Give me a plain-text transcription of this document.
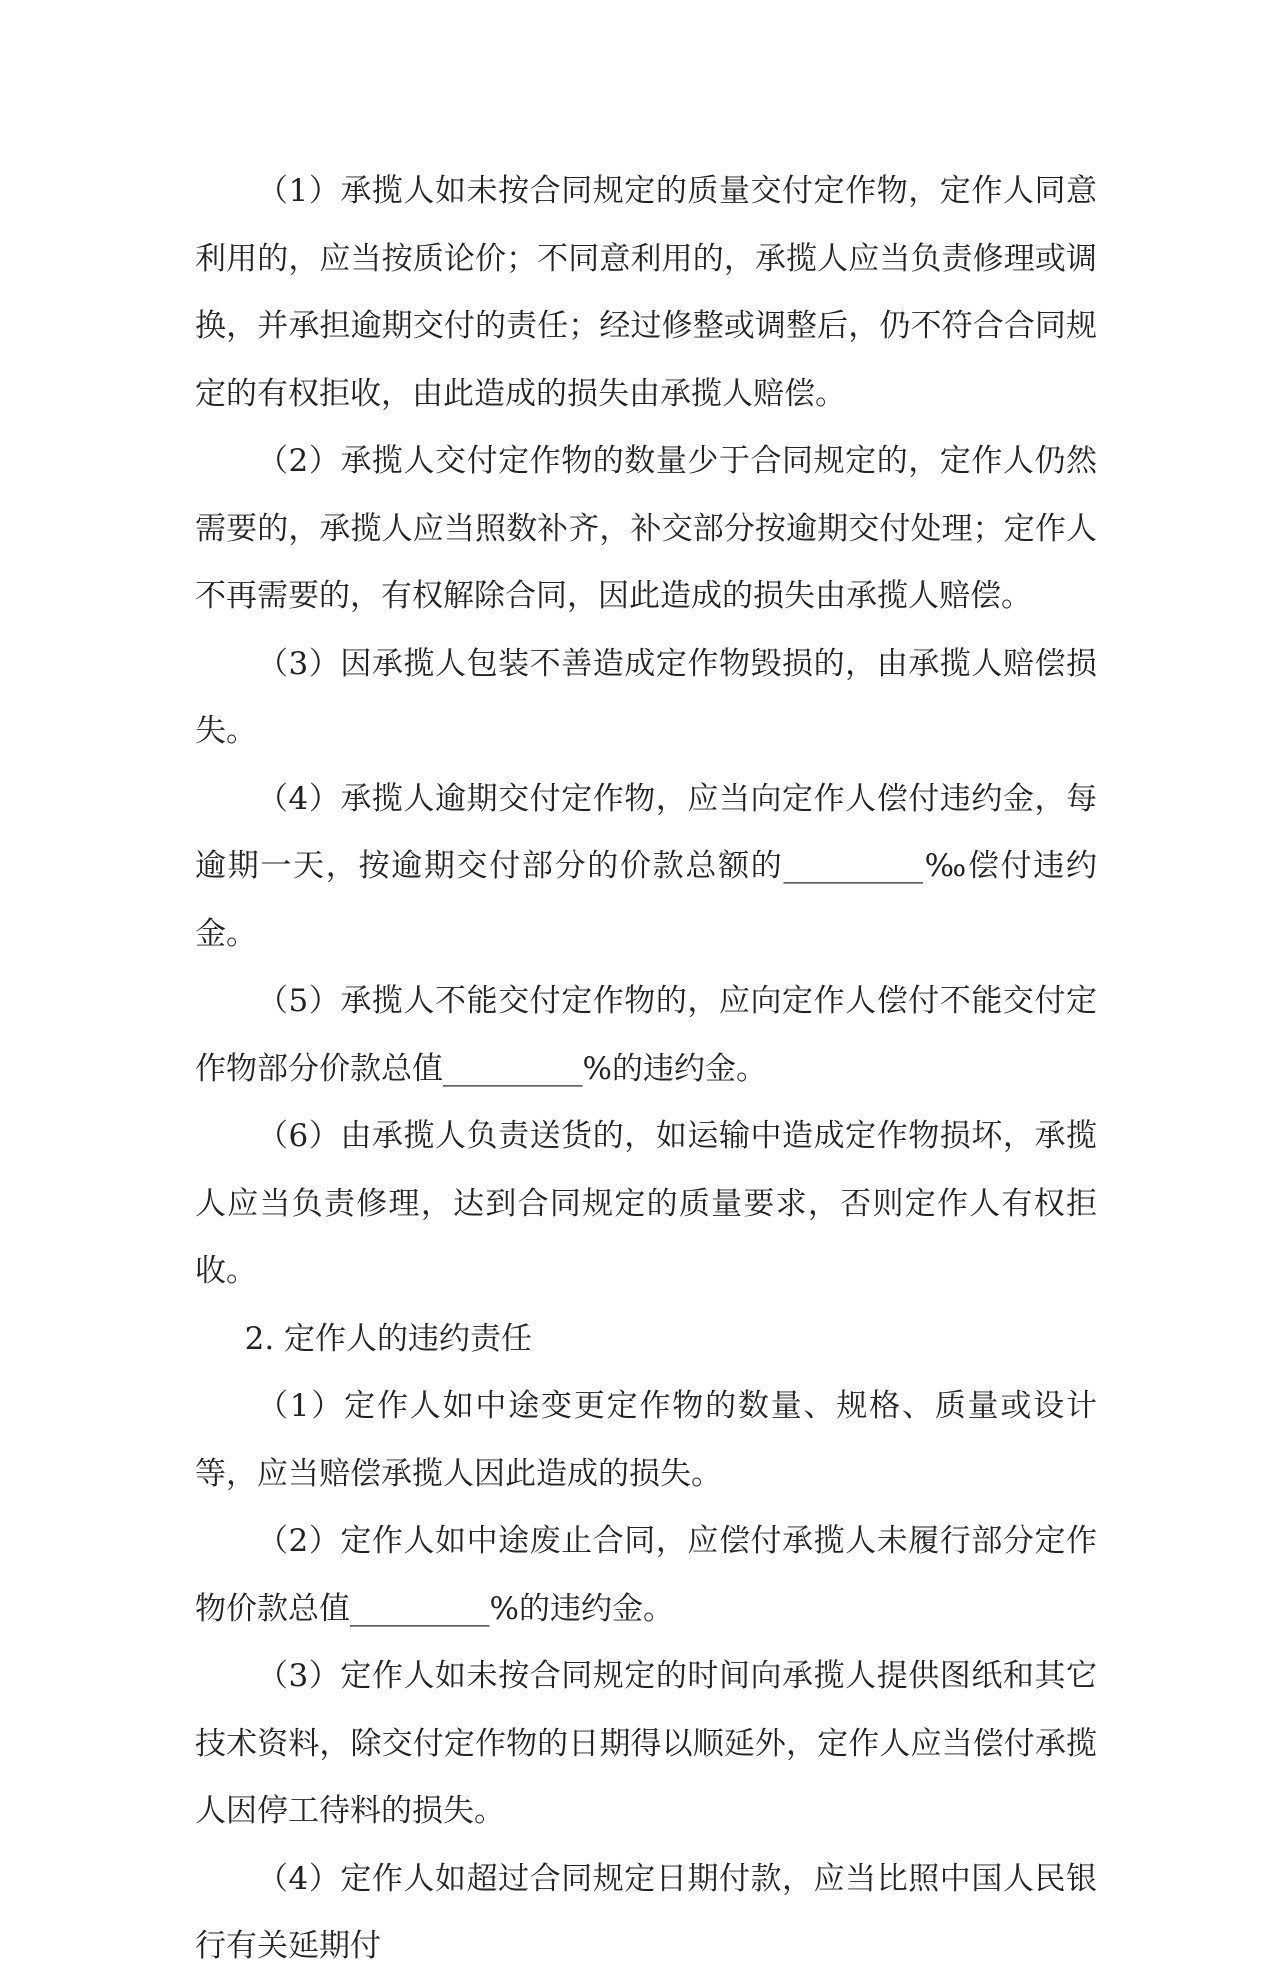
（1）承揽人如未按合同规定的质量交付定作物，定作人同意利用的，应当按质论价；不同意利用的，承揽人应当负责修理或调换，并承担逾期交付的责任；经过修整或调整后，仍不符合合同规定的有权拒收，由此造成的损失由承揽人赔偿。

（2）承揽人交付定作物的数量少于合同规定的，定作人仍然需要的，承揽人应当照数补齐，补交部分按逾期交付处理；定作人不再需要的，有权解除合同，因此造成的损失由承揽人赔偿。

（3）因承揽人包装不善造成定作物毁损的，由承揽人赔偿损失。

（4）承揽人逾期交付定作物，应当向定作人偿付违约金，每逾期一天，按逾期交付部分的价款总额的_________‰偿付违约金。

（5）承揽人不能交付定作物的，应向定作人偿付不能交付定作物部分价款总值_________%的违约金。

（6）由承揽人负责送货的，如运输中造成定作物损坏，承揽人应当负责修理，达到合同规定的质量要求，否则定作人有权拒收。

2. 定作人的违约责任

（1）定作人如中途变更定作物的数量、规格、质量或设计等，应当赔偿承揽人因此造成的损失。

（2）定作人如中途废止合同，应偿付承揽人未履行部分定作物价款总值_________%的违约金。

（3）定作人如未按合同规定的时间向承揽人提供图纸和其它技术资料，除交付定作物的日期得以顺延外，定作人应当偿付承揽人因停工待料的损失。

（4）定作人如超过合同规定日期付款，应当比照中国人民银行有关延期付
